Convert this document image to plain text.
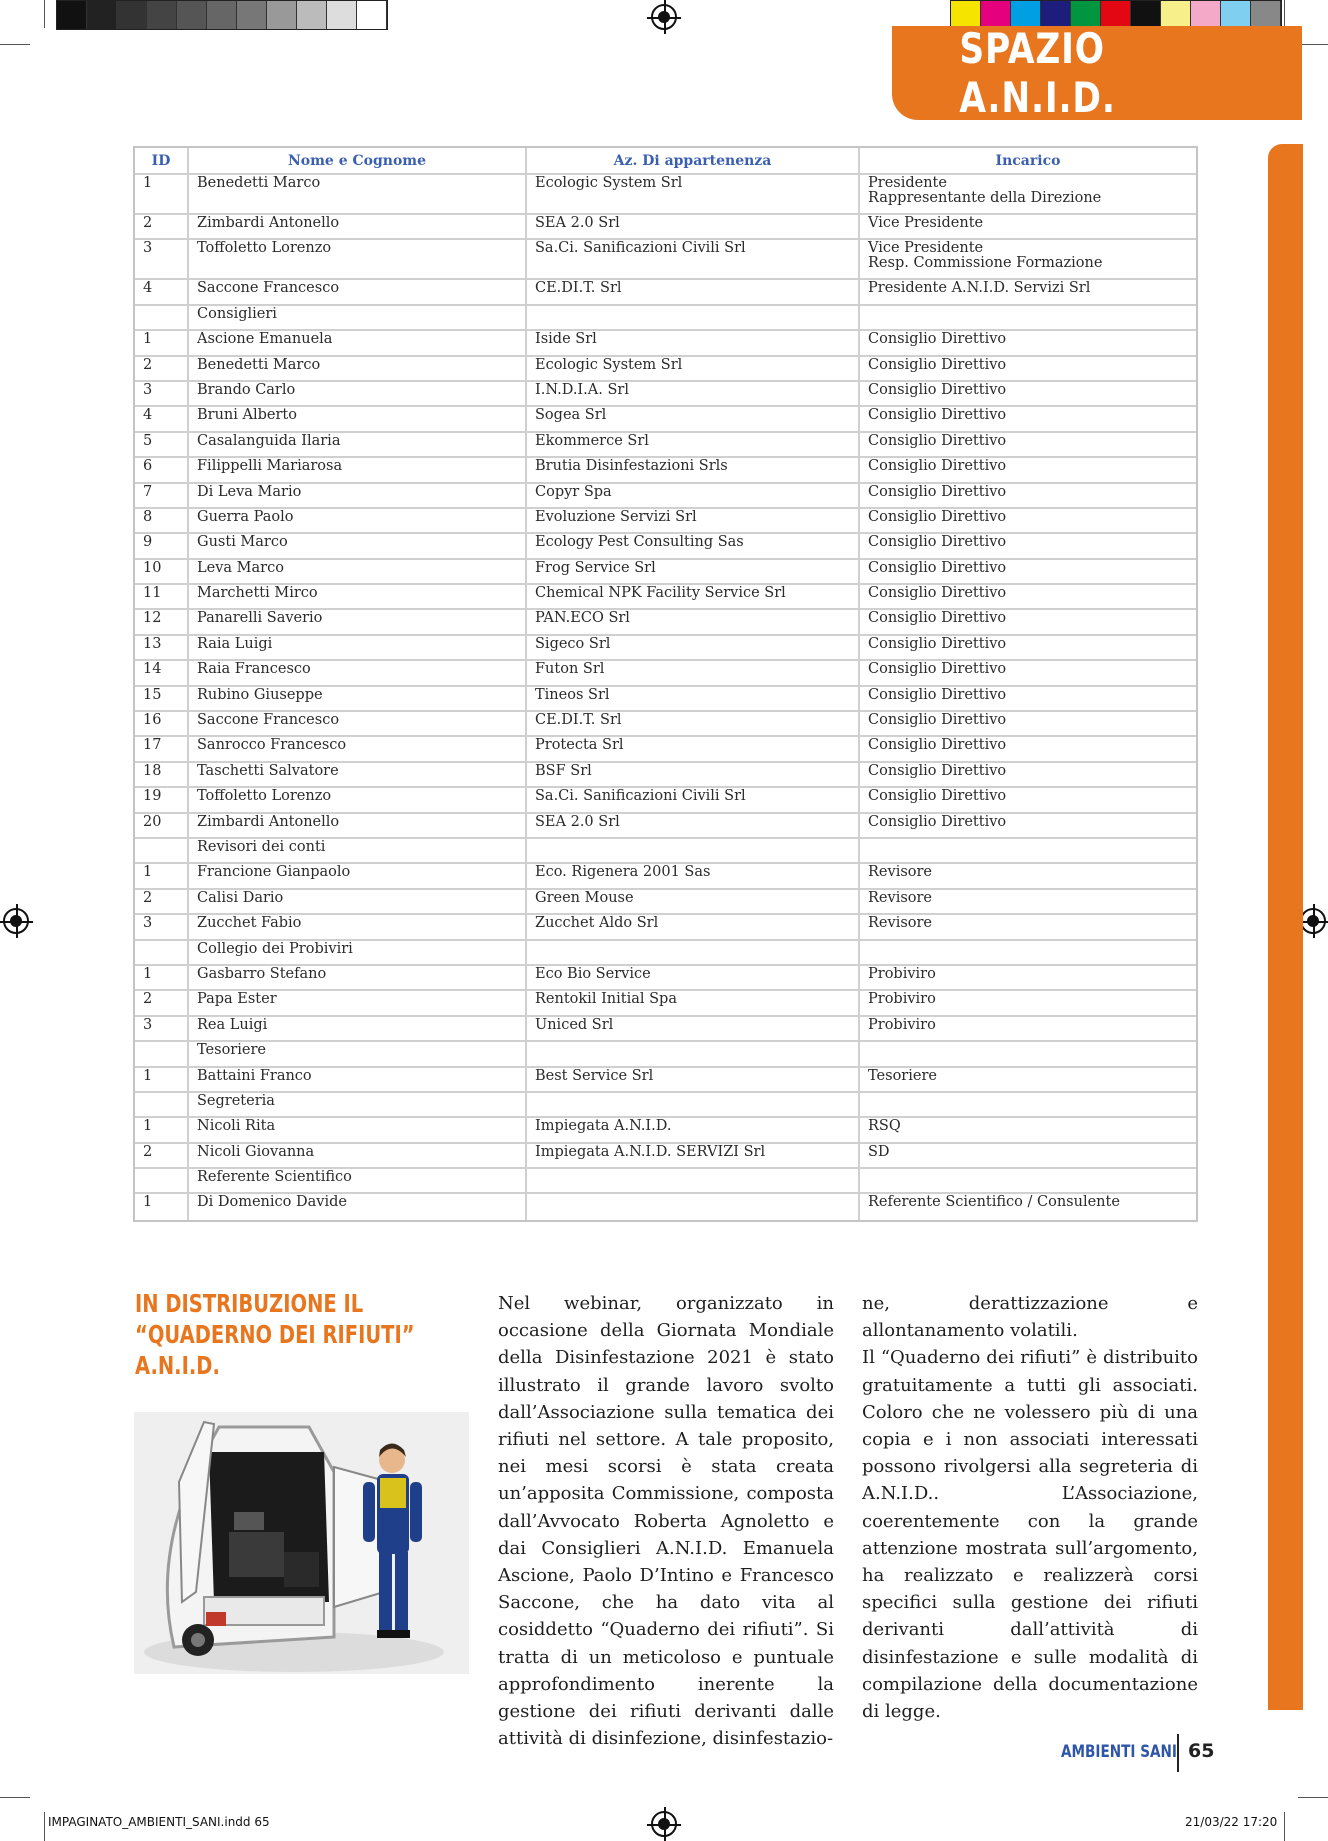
SPAZIO A.N.I.D.
ID	Nome e Cognome	Az. Di appartenenza	Incarico
1	Benedetti Marco	Ecologic System Srl	Presidente
Rappresentante della Direzione

2	Zimbardi Antonello	SEA 2.0 Srl	Vice Presidente
3	Toffoletto Lorenzo	Sa.Ci. Sanificazioni Civili Srl	Vice Presidente
Resp. Commissione Formazione

4	Saccone Francesco	CE.DI.T. Srl	Presidente A.N.I.D. Servizi Srl
	Consiglieri		
1	Ascione Emanuela	Iside Srl	Consiglio Direttivo
2	Benedetti Marco	Ecologic System Srl	Consiglio Direttivo
3	Brando Carlo	I.N.D.I.A. Srl	Consiglio Direttivo
4	Bruni Alberto	Sogea Srl	Consiglio Direttivo
5	Casalanguida Ilaria	Ekommerce Srl	Consiglio Direttivo
6	Filippelli Mariarosa	Brutia Disinfestazioni Srls	Consiglio Direttivo
7	Di Leva Mario	Copyr Spa	Consiglio Direttivo
8	Guerra Paolo	Evoluzione Servizi Srl	Consiglio Direttivo
9	Gusti Marco	Ecology Pest Consulting Sas	Consiglio Direttivo
10	Leva Marco	Frog Service Srl	Consiglio Direttivo
11	Marchetti Mirco	Chemical NPK Facility Service Srl	Consiglio Direttivo
12	Panarelli Saverio	PAN.ECO Srl	Consiglio Direttivo
13	Raia Luigi	Sigeco Srl	Consiglio Direttivo
14	Raia Francesco	Futon Srl	Consiglio Direttivo
15	Rubino Giuseppe	Tineos Srl	Consiglio Direttivo
16	Saccone Francesco	CE.DI.T. Srl	Consiglio Direttivo
17	Sanrocco Francesco	Protecta Srl	Consiglio Direttivo
18	Taschetti Salvatore	BSF Srl	Consiglio Direttivo
19	Toffoletto Lorenzo	Sa.Ci. Sanificazioni Civili Srl	Consiglio Direttivo
20	Zimbardi Antonello	SEA 2.0 Srl	Consiglio Direttivo
	Revisori dei conti		
1	Francione Gianpaolo	Eco. Rigenera 2001 Sas	Revisore
2	Calisi Dario	Green Mouse	Revisore
3	Zucchet Fabio	Zucchet Aldo Srl	Revisore
	Collegio dei Probiviri		
1	Gasbarro Stefano	Eco Bio Service	Probiviro
2	Papa Ester	Rentokil Initial Spa	Probiviro
3	Rea Luigi	Uniced Srl	Probiviro
	Tesoriere		
1	Battaini Franco	Best Service Srl	Tesoriere
	Segreteria		
1	Nicoli Rita	Impiegata A.N.I.D.	RSQ
2	Nicoli Giovanna	Impiegata A.N.I.D. SERVIZI Srl	SD
	Referente Scientifico		
1	Di Domenico Davide		Referente Scientifico / Consulente
IN DISTRIBUZIONE IL
“QUADERNO DEI RIFIUTI”
A.N.I.D.

Nel webinar, organizzato in occasione della Giornata Mondiale della Disinfestazione 2021 è stato illustrato il grande lavoro svolto dall’Associazione sulla tematica dei rifiuti nel settore. A tale proposito, nei mesi scorsi è stata creata un’apposita Commissione, composta dall’Avvocato Roberta Agnoletto e dai Consiglieri A.N.I.D. Emanuela Ascione, Paolo D’Intino e Francesco Saccone, che ha dato vita al cosiddetto “Quaderno dei rifiuti”. Si tratta di un meticoloso e puntuale approfondimento inerente la gestione dei rifiuti derivanti dalle attività di disinfezione, disinfestazio-

ne, derattizzazione e allontanamento volatili.

Il “Quaderno dei rifiuti” è distribuito gratuitamente a tutti gli associati. Coloro che ne volessero più di una copia e i non associati interessati possono rivolgersi alla segreteria di A.N.I.D.. L’Associazione, coerentemente con la grande attenzione mostrata sull’argomento, ha realizzato e realizzerà corsi specifici sulla gestione dei rifiuti derivanti dall’attività di disinfestazione e sulle modalità di compilazione della documentazione di legge.

AMBIENTI SANI 65
IMPAGINATO_AMBIENTI_SANI.indd 65	21/03/22 17:20
